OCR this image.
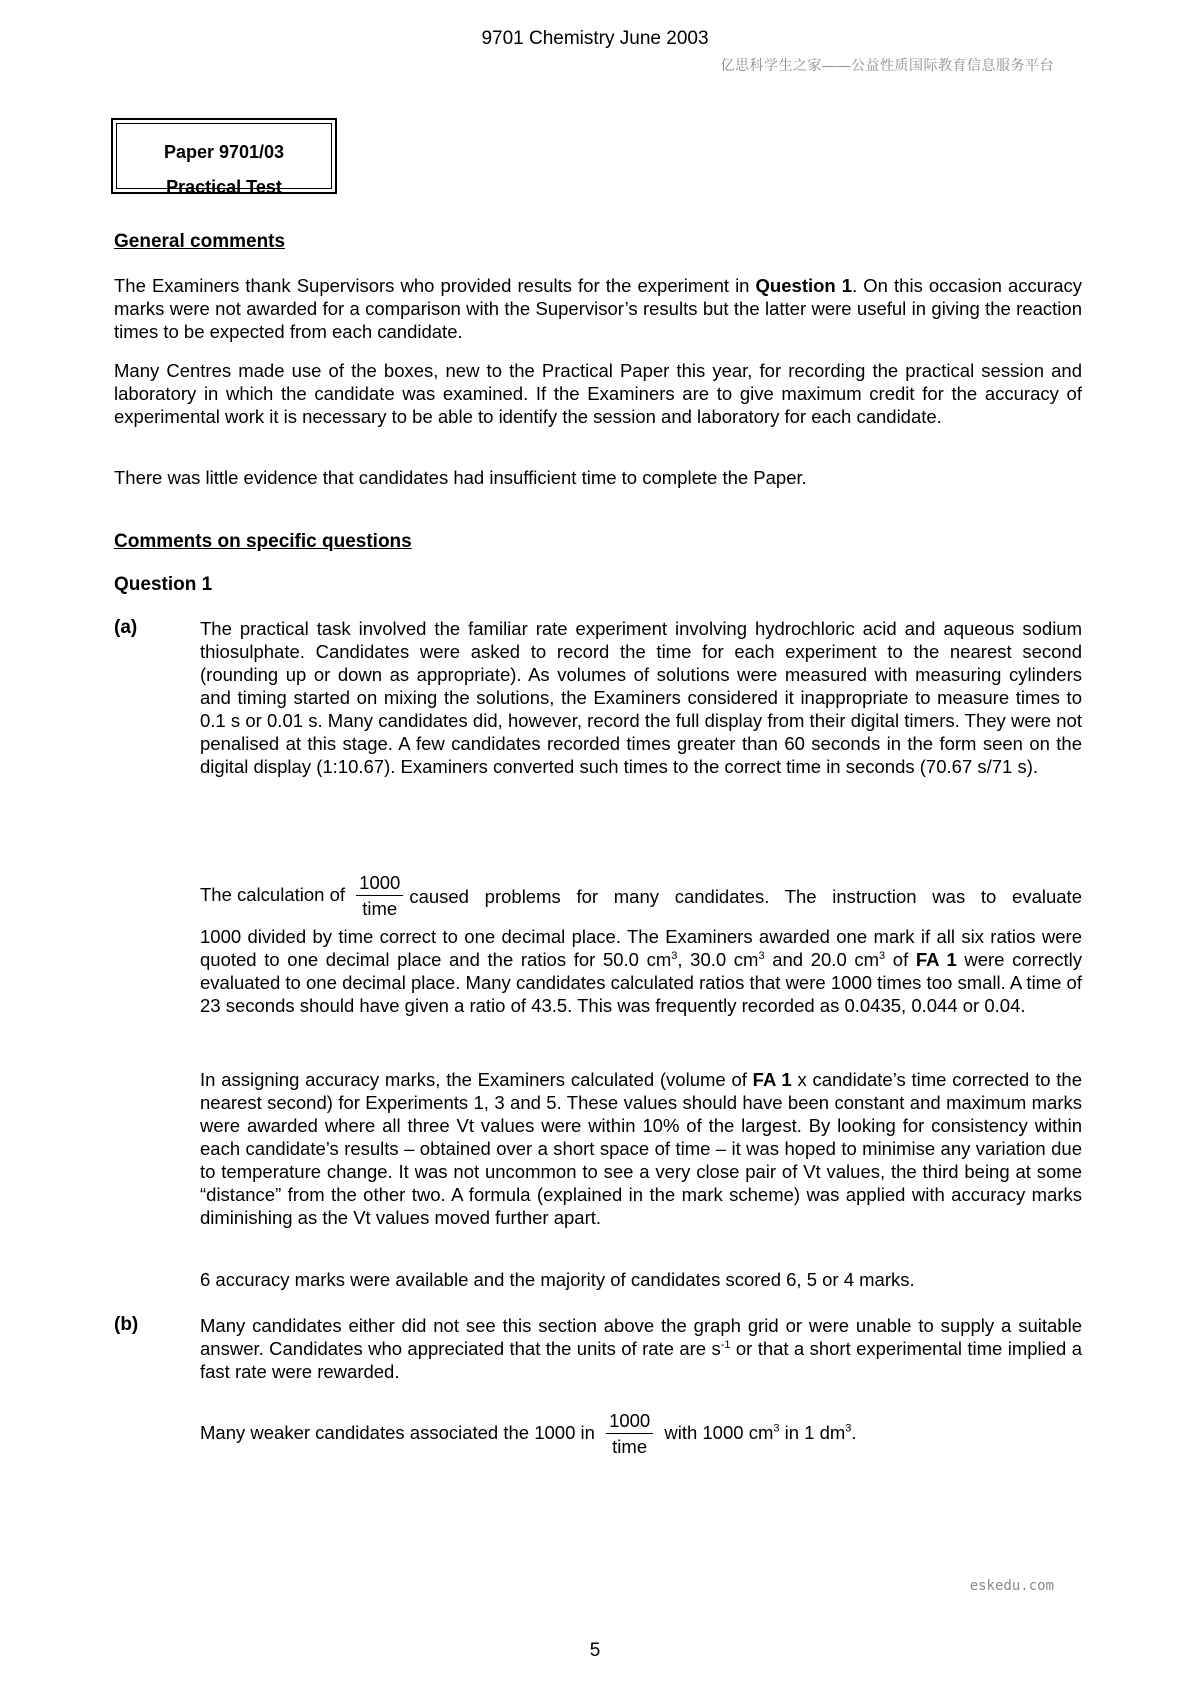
9701 Chemistry June 2003
亿思科学生之家——公益性质国际教育信息服务平台
Paper 9701/03
Practical Test
General comments
The Examiners thank Supervisors who provided results for the experiment in Question 1. On this occasion accuracy marks were not awarded for a comparison with the Supervisor’s results but the latter were useful in giving the reaction times to be expected from each candidate.
Many Centres made use of the boxes, new to the Practical Paper this year, for recording the practical session and laboratory in which the candidate was examined. If the Examiners are to give maximum credit for the accuracy of experimental work it is necessary to be able to identify the session and laboratory for each candidate.
There was little evidence that candidates had insufficient time to complete the Paper.
Comments on specific questions
Question 1
(a)	The practical task involved the familiar rate experiment involving hydrochloric acid and aqueous sodium thiosulphate. Candidates were asked to record the time for each experiment to the nearest second (rounding up or down as appropriate). As volumes of solutions were measured with measuring cylinders and timing started on mixing the solutions, the Examiners considered it inappropriate to measure times to 0.1 s or 0.01 s. Many candidates did, however, record the full display from their digital timers. They were not penalised at this stage. A few candidates recorded times greater than 60 seconds in the form seen on the digital display (1:10.67). Examiners converted such times to the correct time in seconds (70.67 s/71 s).
The calculation of $\frac{1000}{\text{time}}$ caused problems for many candidates. The instruction was to evaluate
1000 divided by time correct to one decimal place. The Examiners awarded one mark if all six ratios were quoted to one decimal place and the ratios for 50.0 $cm^3$, 30.0 $cm^3$ and 20.0 $cm^3$ of FA 1 were correctly evaluated to one decimal place. Many candidates calculated ratios that were 1000 times too small. A time of 23 seconds should have given a ratio of 43.5. This was frequently recorded as 0.0435, 0.044 or 0.04.
In assigning accuracy marks, the Examiners calculated (volume of FA 1 x candidate’s time corrected to the nearest second) for Experiments 1, 3 and 5. These values should have been constant and maximum marks were awarded where all three Vt values were within 10% of the largest. By looking for consistency within each candidate’s results – obtained over a short space of time – it was hoped to minimise any variation due to temperature change. It was not uncommon to see a very close pair of Vt values, the third being at some “distance” from the other two. A formula (explained in the mark scheme) was applied with accuracy marks diminishing as the Vt values moved further apart.
6 accuracy marks were available and the majority of candidates scored 6, 5 or 4 marks.
(b)	Many candidates either did not see this section above the graph grid or were unable to supply a suitable answer. Candidates who appreciated that the units of rate are $s^{-1}$ or that a short experimental time implied a fast rate were rewarded.
Many weaker candidates associated the 1000 in $\frac{1000}{\text{time}}$ with 1000 $cm^3$ in 1 $dm^3$.
eskedu.com
5
